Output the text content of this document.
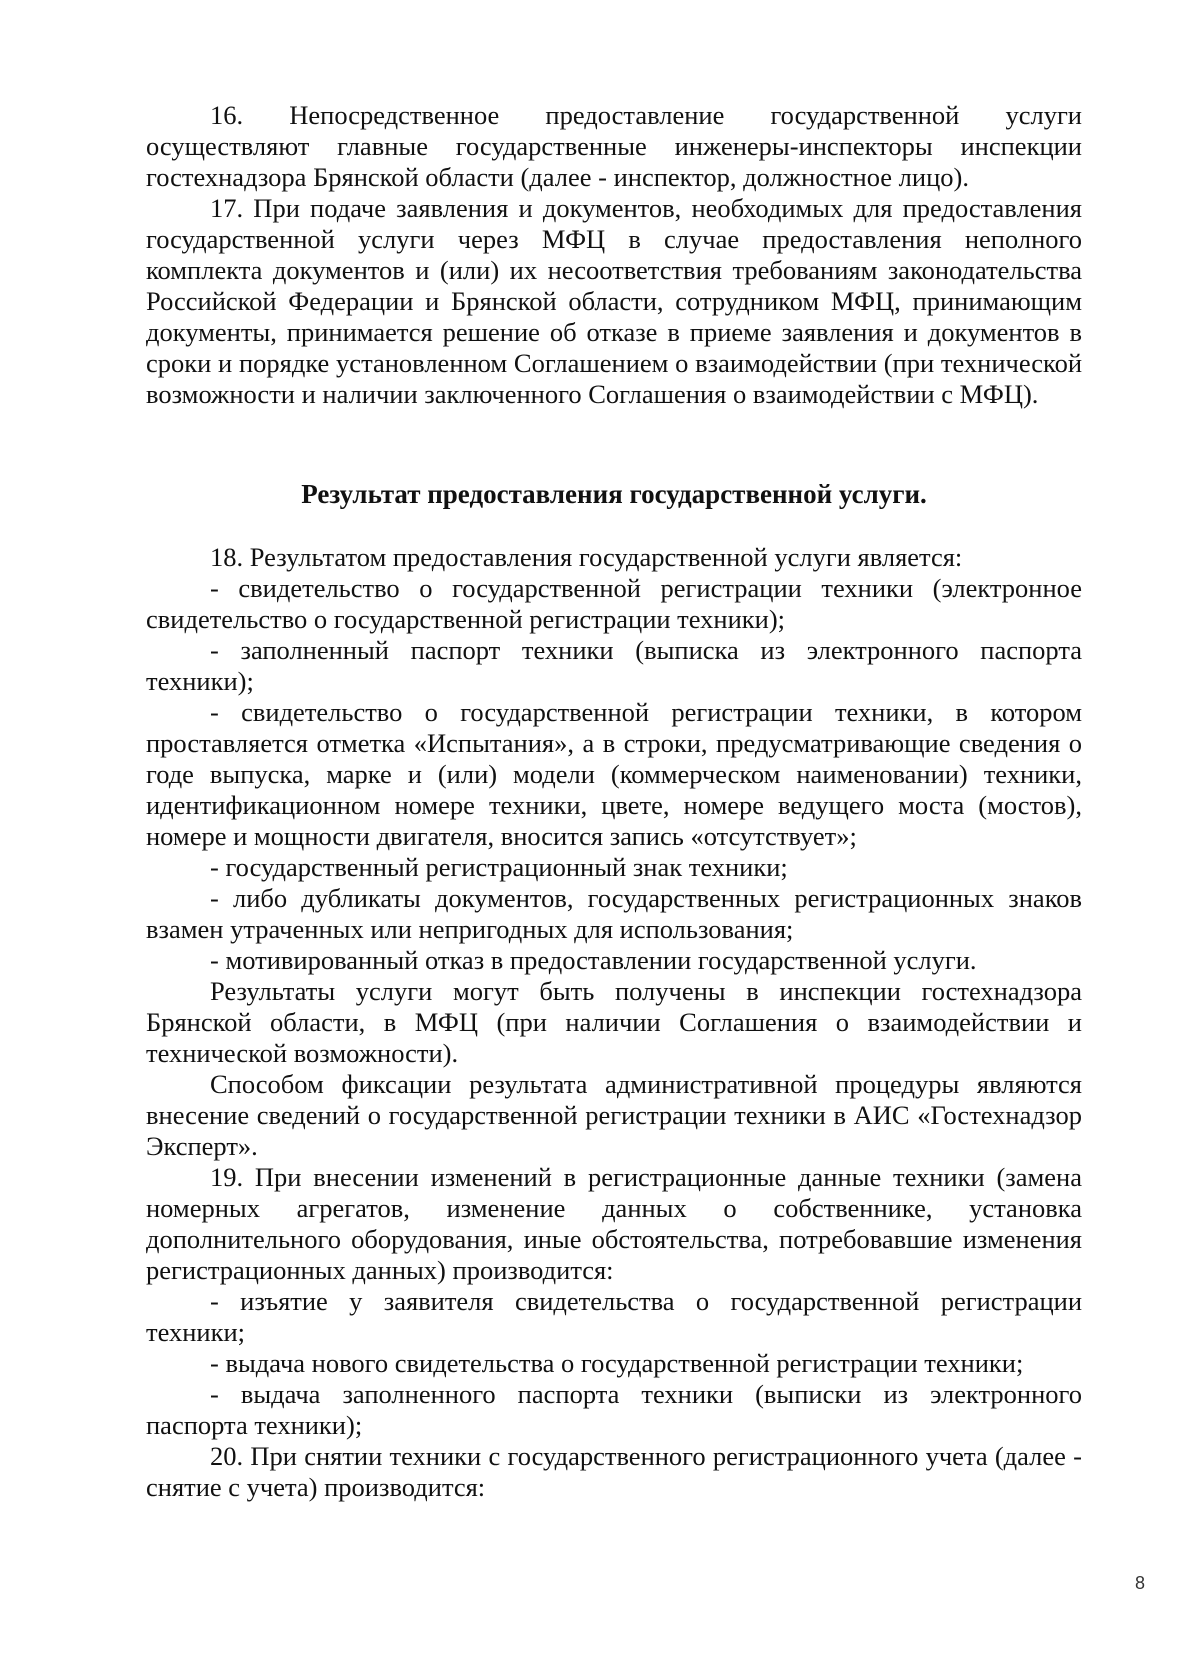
16. Непосредственное предоставление государственной услуги осуществляют главные государственные инженеры-инспекторы инспекции гостехнадзора Брянской области (далее - инспектор, должностное лицо).

17. При подаче заявления и документов, необходимых для предоставления государственной услуги через МФЦ в случае предоставления неполного комплекта документов и (или) их несоответствия требованиям законодательства Российской Федерации и Брянской области, сотрудником МФЦ, принимающим документы, принимается решение об отказе в приеме заявления и документов в сроки и порядке установленном Соглашением о взаимодействии (при технической возможности и наличии заключенного Соглашения о взаимодействии с МФЦ).

Результат предоставления государственной услуги.

18. Результатом предоставления государственной услуги является:

- свидетельство о государственной регистрации техники (электронное свидетельство о государственной регистрации техники);

- заполненный паспорт техники (выписка из электронного паспорта техники);

- свидетельство о государственной регистрации техники, в котором проставляется отметка «Испытания», а в строки, предусматривающие сведения о годе выпуска, марке и (или) модели (коммерческом наименовании) техники, идентификационном номере техники, цвете, номере ведущего моста (мостов), номере и мощности двигателя, вносится запись «отсутствует»;

- государственный регистрационный знак техники;

- либо дубликаты документов, государственных регистрационных знаков взамен утраченных или непригодных для использования;

- мотивированный отказ в предоставлении государственной услуги.

Результаты услуги могут быть получены в инспекции гостехнадзора Брянской области, в МФЦ (при наличии Соглашения о взаимодействии и технической возможности).

Способом фиксации результата административной процедуры являются внесение сведений о государственной регистрации техники в АИС «Гостехнадзор Эксперт».

19. При внесении изменений в регистрационные данные техники (замена номерных агрегатов, изменение данных о собственнике, установка дополнительного оборудования, иные обстоятельства, потребовавшие изменения регистрационных данных) производится:

- изъятие у заявителя свидетельства о государственной регистрации техники;

- выдача нового свидетельства о государственной регистрации техники;

- выдача заполненного паспорта техники (выписки из электронного паспорта техники);

20. При снятии техники с государственного регистрационного учета (далее - снятие с учета) производится:

8
